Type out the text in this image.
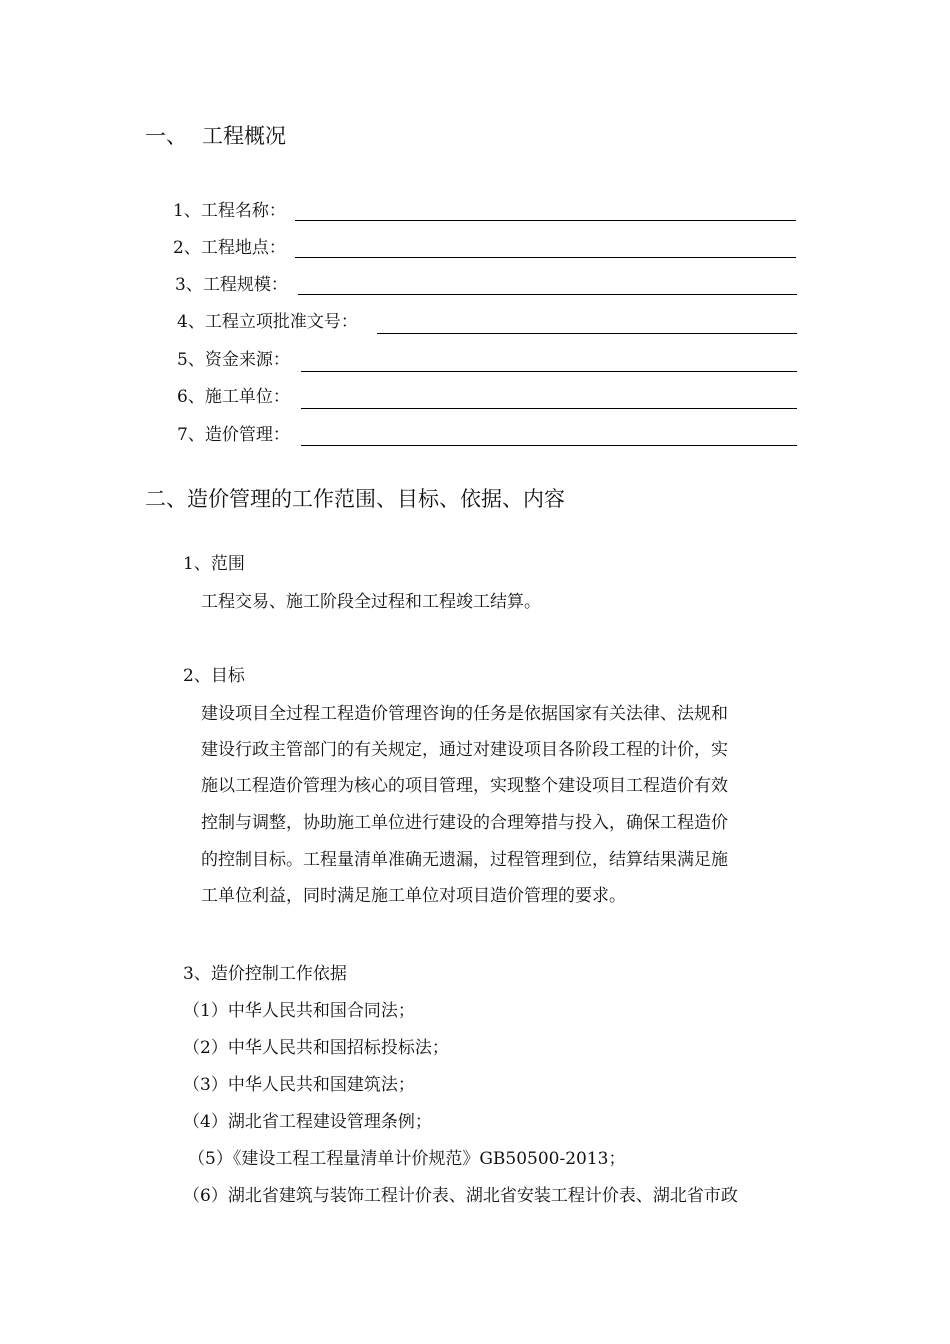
一、 工程概况
1、工程名称：
2、工程地点：
3、工程规模：
4、工程立项批准文号：
5、资金来源：
6、施工单位：
7、造价管理：
二、造价管理的工作范围、目标、依据、内容
1、范围
工程交易、施工阶段全过程和工程竣工结算。
2、目标
建设项目全过程工程造价管理咨询的任务是依据国家有关法律、法规和
建设行政主管部门的有关规定，通过对建设项目各阶段工程的计价，实
施以工程造价管理为核心的项目管理，实现整个建设项目工程造价有效
控制与调整，协助施工单位进行建设的合理筹措与投入，确保工程造价
的控制目标。工程量清单准确无遗漏，过程管理到位，结算结果满足施
工单位利益，同时满足施工单位对项目造价管理的要求。
3、造价控制工作依据
（1）中华人民共和国合同法；
（2）中华人民共和国招标投标法；
（3）中华人民共和国建筑法；
（4）湖北省工程建设管理条例；
（5）《建设工程工程量清单计价规范》GB50500-2013；
（6）湖北省建筑与装饰工程计价表、湖北省安装工程计价表、湖北省市政
